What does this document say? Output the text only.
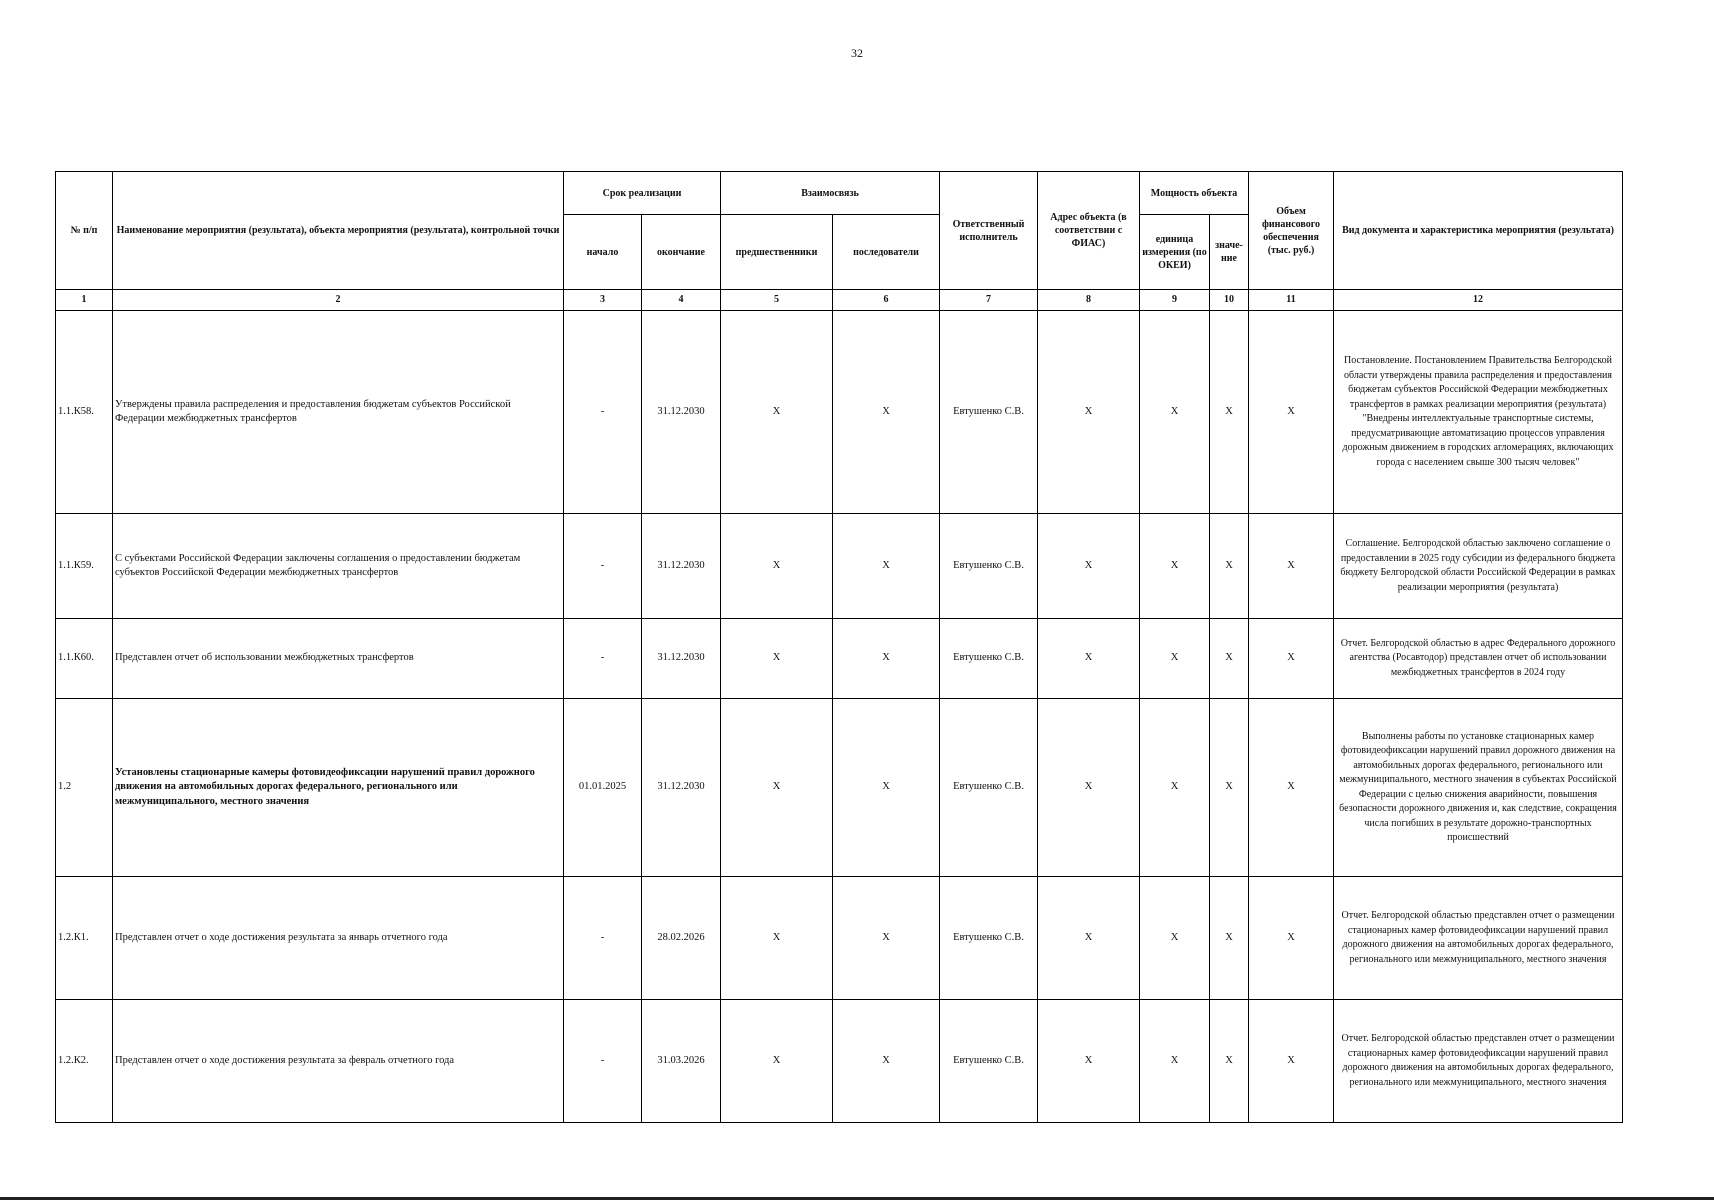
32
№ п/п	Наименование мероприятия (результата), объекта мероприятия (результата), контрольной точки	Срок реализации		Взаимосвязь		Ответственный исполнитель	Адрес объекта (в соответствии с ФИАС)	Мощность объекта		Объем финансового обеспечения (тыс. руб.)	Вид документа и характеристика мероприятия (результата)
		начало	окончание	предшественники	последователи			единица измерения (по ОКЕИ)	значе-ние		
1	2	3	4	5	6	7	8	9	10	11	12
1.1.К58.	Утверждены правила распределения и предоставления бюджетам субъектов Российской Федерации межбюджетных трансфертов	-	31.12.2030	X	X	Евтушенко С.В.	X	X	X	X	Постановление. Постановлением Правительства Белгородской области утверждены правила распределения и предоставления бюджетам субъектов Российской Федерации межбюджетных трансфертов в рамках реализации мероприятия (результата) "Внедрены интеллектуальные транспортные системы, предусматривающие автоматизацию процессов управления дорожным движением в городских агломерациях, включающих города с населением свыше 300 тысяч человек"
1.1.К59.	С субъектами Российской Федерации заключены соглашения о предоставлении бюджетам субъектов Российской Федерации межбюджетных трансфертов	-	31.12.2030	X	X	Евтушенко С.В.	X	X	X	X	Соглашение. Белгородской областью заключено соглашение о предоставлении в 2025 году субсидии из федерального бюджета бюджету Белгородской области Российской Федерации в рамках реализации мероприятия (результата)
1.1.К60.	Представлен отчет об использовании межбюджетных трансфертов	-	31.12.2030	X	X	Евтушенко С.В.	X	X	X	X	Отчет. Белгородской областью в адрес Федерального дорожного агентства (Росавтодор) представлен отчет об использовании межбюджетных трансфертов в 2024 году
1.2	Установлены стационарные камеры фотовидеофиксации нарушений правил дорожного движения на автомобильных дорогах федерального, регионального или межмуниципального, местного значения	01.01.2025	31.12.2030	X	X	Евтушенко С.В.	X	X	X	X	Выполнены работы по установке стационарных камер фотовидеофиксации нарушений правил дорожного движения на автомобильных дорогах федерального, регионального или межмуниципального, местного значения в субъектах Российской Федерации с целью снижения аварийности, повышения безопасности дорожного движения и, как следствие, сокращения числа погибших в результате дорожно-транспортных происшествий
1.2.К1.	Представлен отчет о ходе достижения результата за январь отчетного года	-	28.02.2026	X	X	Евтушенко С.В.	X	X	X	X	Отчет. Белгородской областью представлен отчет о размещении стационарных камер фотовидеофиксации нарушений правил дорожного движения на автомобильных дорогах федерального, регионального или межмуниципального, местного значения
1.2.К2.	Представлен отчет о ходе достижения результата за февраль отчетного года	-	31.03.2026	X	X	Евтушенко С.В.	X	X	X	X	Отчет. Белгородской областью представлен отчет о размещении стационарных камер фотовидеофиксации нарушений правил дорожного движения на автомобильных дорогах федерального, регионального или межмуниципального, местного значения
